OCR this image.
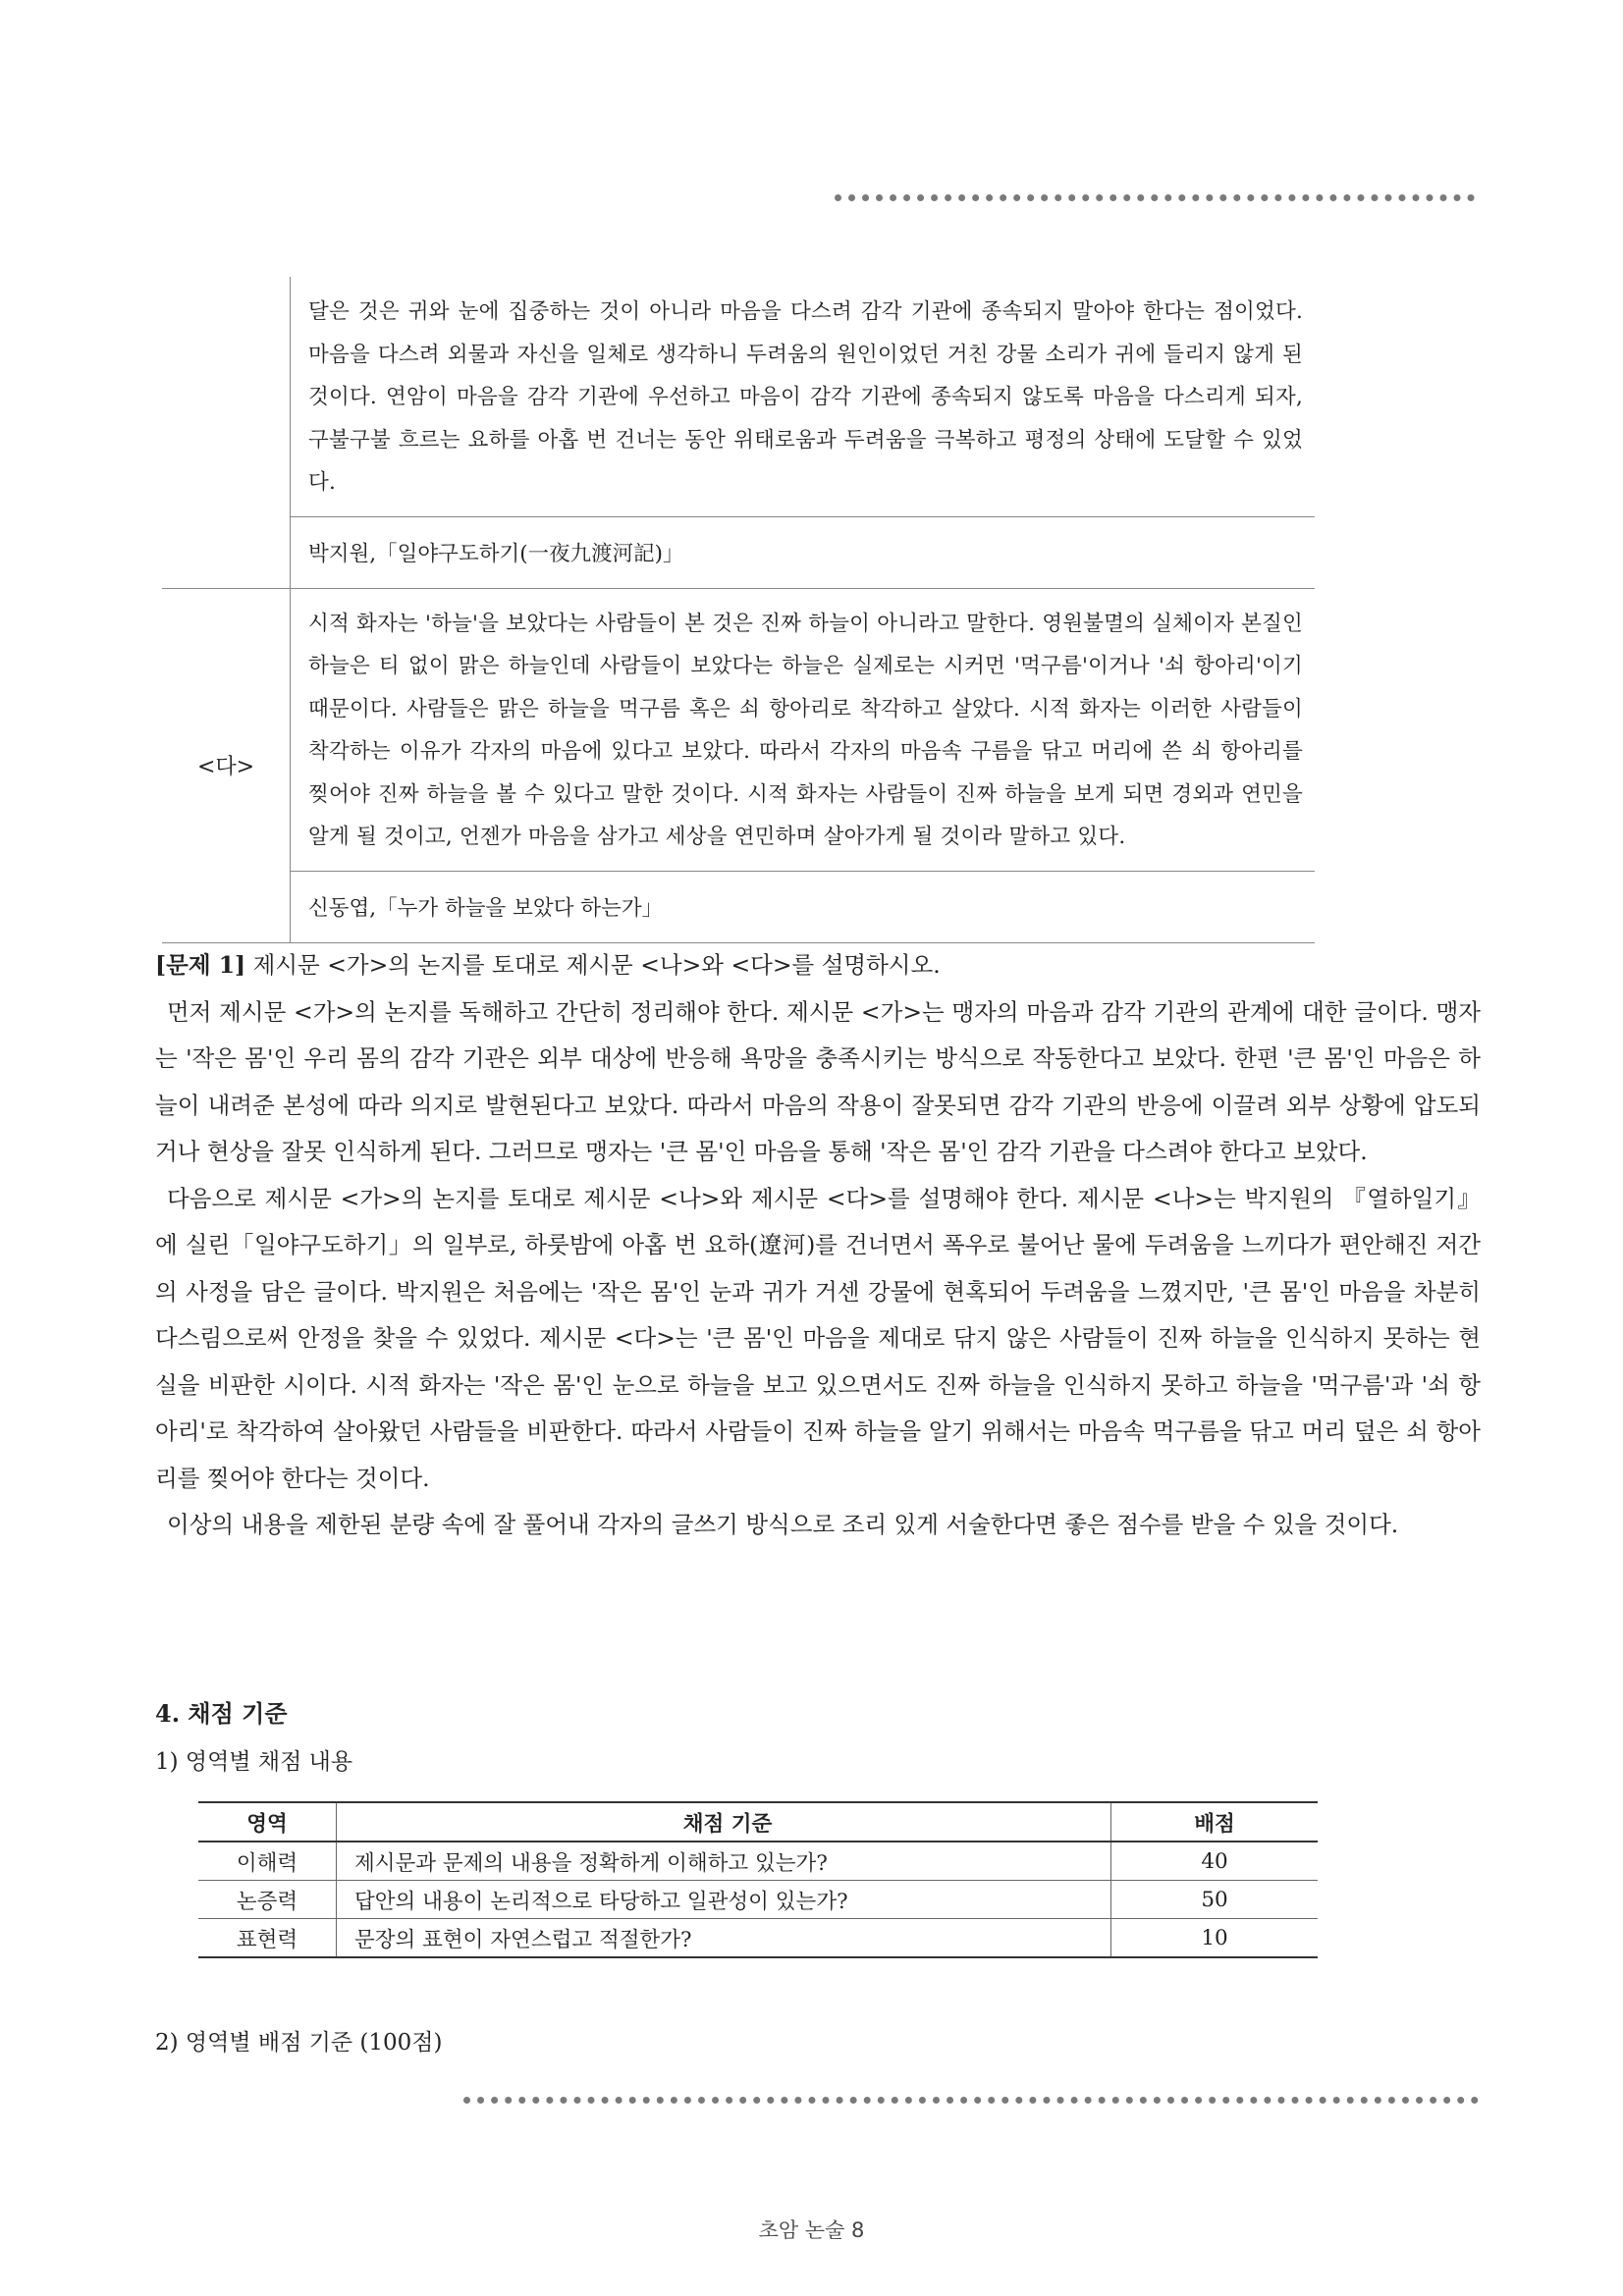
	달은 것은 귀와 눈에 집중하는 것이 아니라 마음을 다스려 감각 기관에 종속되지 말아야 한다는 점이었다. 마음을 다스려 외물과 자신을 일체로 생각하니 두려움의 원인이었던 거친 강물 소리가 귀에 들리지 않게 된 것이다. 연암이 마음을 감각 기관에 우선하고 마음이 감각 기관에 종속되지 않도록 마음을 다스리게 되자, 구불구불 흐르는 요하를 아홉 번 건너는 동안 위태로움과 두려움을 극복하고 평정의 상태에 도달할 수 있었다.
	박지원,「일야구도하기(一夜九渡河記)」
<다>	시적 화자는 '하늘'을 보았다는 사람들이 본 것은 진짜 하늘이 아니라고 말한다. 영원불멸의 실체이자 본질인 하늘은 티 없이 맑은 하늘인데 사람들이 보았다는 하늘은 실제로는 시커먼 '먹구름'이거나 '쇠 항아리'이기 때문이다. 사람들은 맑은 하늘을 먹구름 혹은 쇠 항아리로 착각하고 살았다. 시적 화자는 이러한 사람들이 착각하는 이유가 각자의 마음에 있다고 보았다. 따라서 각자의 마음속 구름을 닦고 머리에 쓴 쇠 항아리를 찢어야 진짜 하늘을 볼 수 있다고 말한 것이다. 시적 화자는 사람들이 진짜 하늘을 보게 되면 경외과 연민을 알게 될 것이고, 언젠가 마음을 삼가고 세상을 연민하며 살아가게 될 것이라 말하고 있다.
	신동엽,「누가 하늘을 보았다 하는가」

[문제 1] 제시문 <가>의 논지를 토대로 제시문 <나>와 <다>를 설명하시오.

먼저 제시문 <가>의 논지를 독해하고 간단히 정리해야 한다. 제시문 <가>는 맹자의 마음과 감각 기관의 관계에 대한 글이다. 맹자는 '작은 몸'인 우리 몸의 감각 기관은 외부 대상에 반응해 욕망을 충족시키는 방식으로 작동한다고 보았다. 한편 '큰 몸'인 마음은 하늘이 내려준 본성에 따라 의지로 발현된다고 보았다. 따라서 마음의 작용이 잘못되면 감각 기관의 반응에 이끌려 외부 상황에 압도되거나 현상을 잘못 인식하게 된다. 그러므로 맹자는 '큰 몸'인 마음을 통해 '작은 몸'인 감각 기관을 다스려야 한다고 보았다.

다음으로 제시문 <가>의 논지를 토대로 제시문 <나>와 제시문 <다>를 설명해야 한다. 제시문 <나>는 박지원의 『열하일기』에 실린「일야구도하기」의 일부로, 하룻밤에 아홉 번 요하(遼河)를 건너면서 폭우로 불어난 물에 두려움을 느끼다가 편안해진 저간의 사정을 담은 글이다. 박지원은 처음에는 '작은 몸'인 눈과 귀가 거센 강물에 현혹되어 두려움을 느꼈지만, '큰 몸'인 마음을 차분히 다스림으로써 안정을 찾을 수 있었다. 제시문 <다>는 '큰 몸'인 마음을 제대로 닦지 않은 사람들이 진짜 하늘을 인식하지 못하는 현실을 비판한 시이다. 시적 화자는 '작은 몸'인 눈으로 하늘을 보고 있으면서도 진짜 하늘을 인식하지 못하고 하늘을 '먹구름'과 '쇠 항아리'로 착각하여 살아왔던 사람들을 비판한다. 따라서 사람들이 진짜 하늘을 알기 위해서는 마음속 먹구름을 닦고 머리 덮은 쇠 항아리를 찢어야 한다는 것이다.

이상의 내용을 제한된 분량 속에 잘 풀어내 각자의 글쓰기 방식으로 조리 있게 서술한다면 좋은 점수를 받을 수 있을 것이다.

4. 채점 기준
1) 영역별 채점 내용
영역	채점 기준	배점
이해력	제시문과 문제의 내용을 정확하게 이해하고 있는가?	40
논증력	답안의 내용이 논리적으로 타당하고 일관성이 있는가?	50
표현력	문장의 표현이 자연스럽고 적절한가?	10
2) 영역별 배점 기준 (100점)
초암 논술 8
